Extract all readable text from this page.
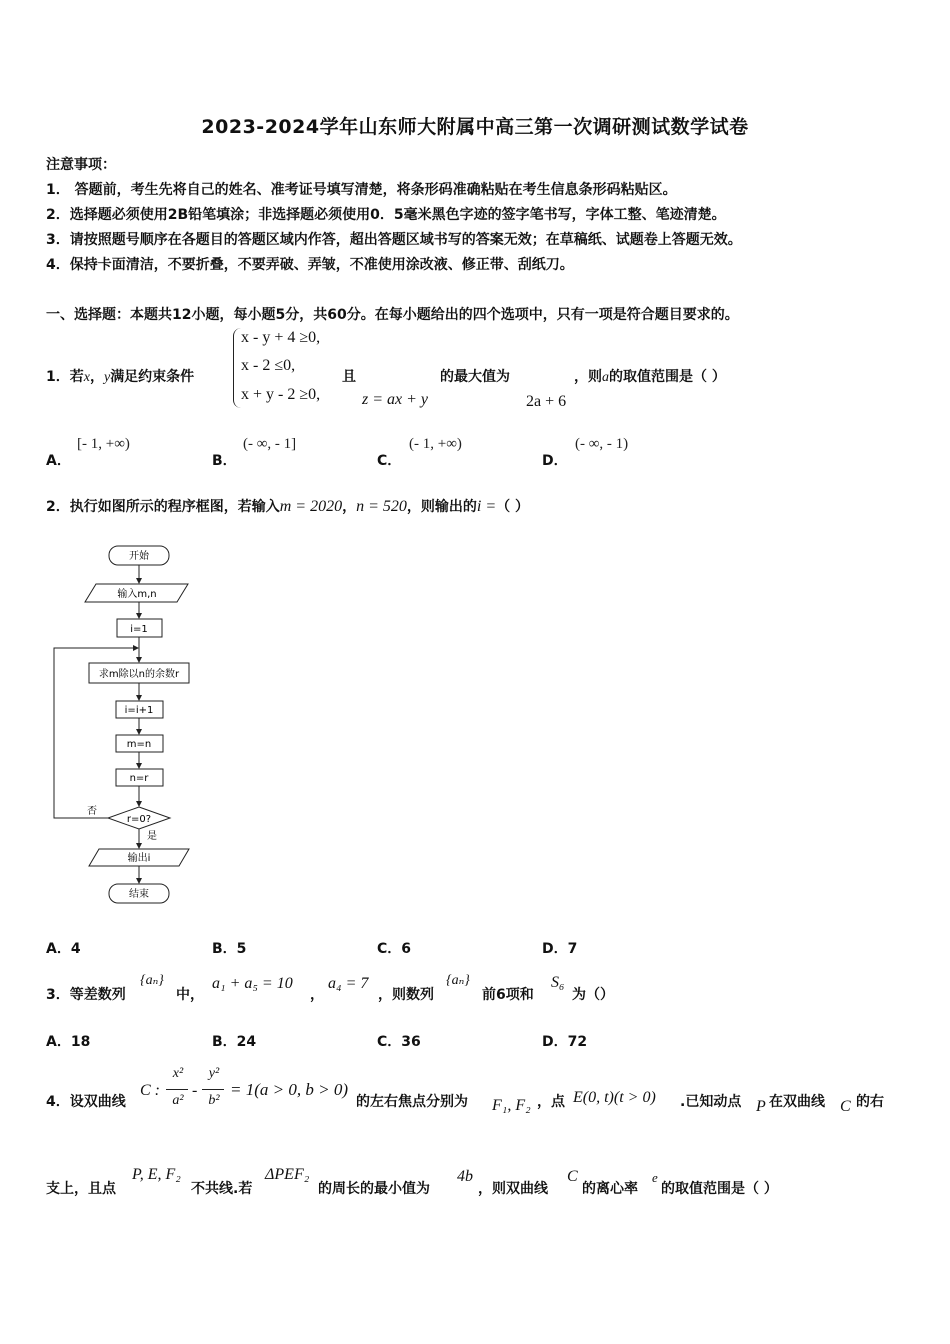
2023-2024学年山东师大附属中高三第一次调研测试数学试卷
注意事项：
1． 答题前，考生先将自己的姓名、准考证号填写清楚，将条形码准确粘贴在考生信息条形码粘贴区。
2．选择题必须使用2B铅笔填涂；非选择题必须使用0．5毫米黑色字迹的签字笔书写，字体工整、笔迹清楚。
3．请按照题号顺序在各题目的答题区域内作答，超出答题区域书写的答案无效；在草稿纸、试题卷上答题无效。
4．保持卡面清洁，不要折叠，不要弄破、弄皱，不准使用涂改液、修正带、刮纸刀。
一、选择题：本题共12小题，每小题5分，共60分。在每小题给出的四个选项中，只有一项是符合题目要求的。
1．若x，y满足约束条件
x - y + 4 ≥0,
x - 2 ≤0,
x + y - 2 ≥0,
且
z = ax + y
的最大值为
2a + 6
，则a的取值范围是（ ）
A．
[- 1, +∞)
B．
(- ∞, - 1]
C．
(- 1, +∞)
D．
(- ∞, - 1)
2．执行如图所示的程序框图，若输入m = 2020，n = 520，则输出的i =（ ）
开始
输入m,n
i=1
求m除以n的余数r
i=i+1
m=n
n=r
r=0?
否
是
输出i
结束
A．4	B．5	C．6	D．7
3．等差数列
{aₙ}
中，
a₁ + a₅ = 10
，
a₄ = 7
，则数列
{aₙ}
前6项和
S₆
为（）
A．18	B．24	C．36	D．72
4．设双曲线
C :
x²
a²
-
y²
b²
= 1(a > 0, b > 0)
的左右焦点分别为 F₁, F₂ ，点 E(0, t)(t > 0) .已知动点 P 在双曲线 C 的右
支上，且点
P, E, F₂
不共线.若
ΔPEF₂
的周长的最小值为
4b
，则双曲线
C
的离心率
e
的取值范围是（ ）
